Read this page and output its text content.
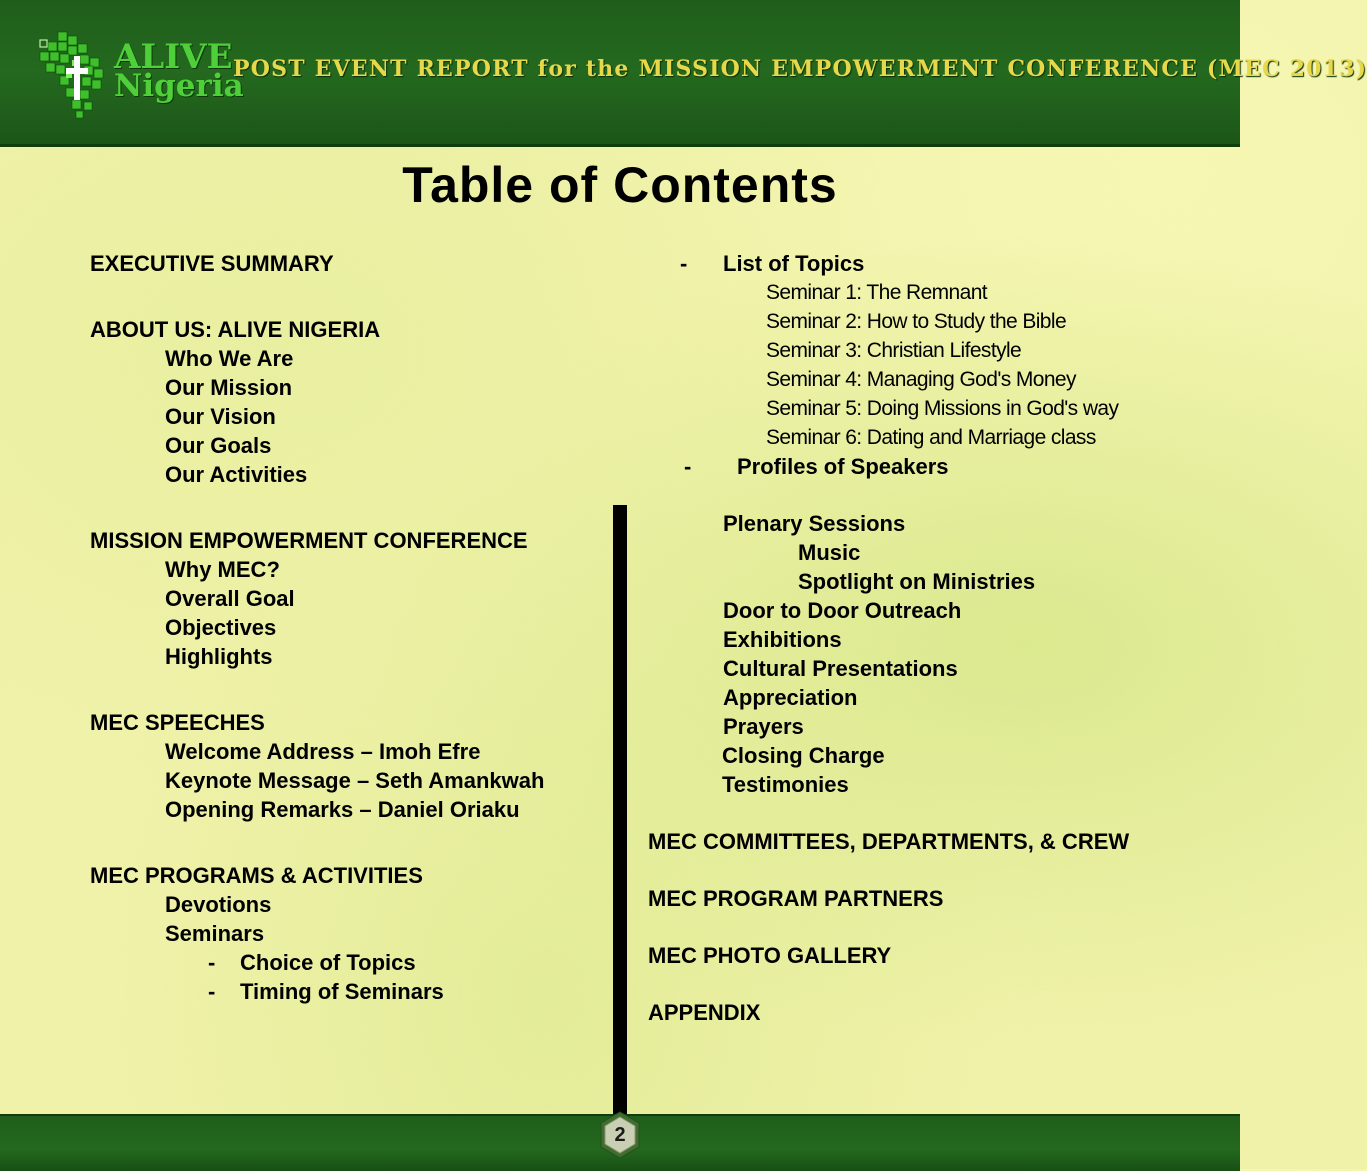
ALIVE
Nigeria
POST EVENT REPORT for the MISSION EMPOWERMENT CONFERENCE (MEC 2013)
Table of Contents
EXECUTIVE SUMMARY
ABOUT US: ALIVE NIGERIA
Who We Are
Our Mission
Our Vision
Our Goals
Our Activities
MISSION EMPOWERMENT CONFERENCE
Why MEC?
Overall Goal
Objectives
Highlights
MEC SPEECHES
Welcome Address – Imoh Efre
Keynote Message – Seth Amankwah
Opening Remarks – Daniel Oriaku
MEC PROGRAMS & ACTIVITIES
Devotions
Seminars
- Choice of Topics
- Timing of Seminars
- List of Topics
Seminar 1: The Remnant
Seminar 2: How to Study the Bible
Seminar 3: Christian Lifestyle
Seminar 4: Managing God's Money
Seminar 5: Doing Missions in God's way
Seminar 6: Dating and Marriage class
- Profiles of Speakers
Plenary Sessions
Music
Spotlight on Ministries
Door to Door Outreach
Exhibitions
Cultural Presentations
Appreciation
Prayers
Closing Charge
Testimonies
MEC COMMITTEES, DEPARTMENTS, & CREW
MEC PROGRAM PARTNERS
MEC PHOTO GALLERY
APPENDIX
2
